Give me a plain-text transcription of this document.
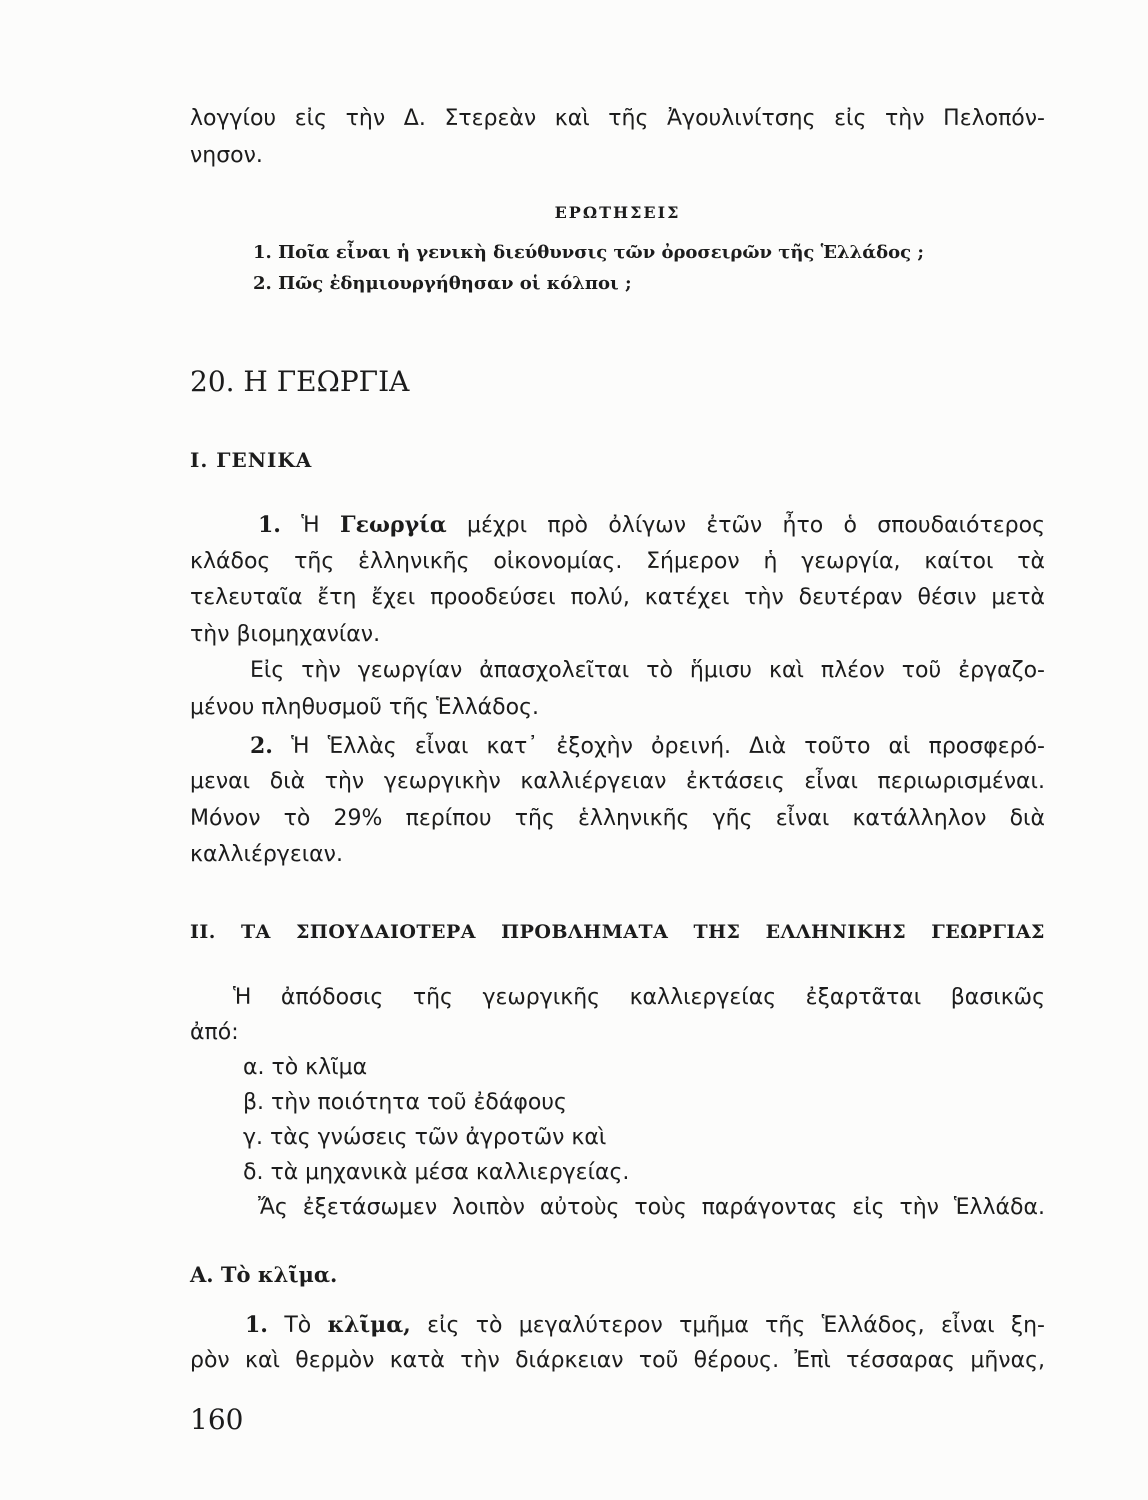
λογγίου εἰς τὴν Δ. Στερεὰν καὶ τῆς Ἀγουλινίτσης εἰς τὴν Πελοπόν-
νησον.
ΕΡΩΤΗΣΕΙΣ
1. Ποῖα εἶναι ἡ γενικὴ διεύθυνσις τῶν ὀροσειρῶν τῆς Ἑλλάδος ;
2. Πῶς ἐδημιουργήθησαν οἱ κόλποι ;
20. Η ΓΕΩΡΓΙΑ
I. ΓΕΝΙΚΑ
1. Ἡ Γεωργία μέχρι πρὸ ὀλίγων ἐτῶν ἦτο ὁ σπουδαιότερος
κλάδος τῆς ἑλληνικῆς οἰκονομίας. Σήμερον ἡ γεωργία, καίτοι τὰ
τελευταῖα ἔτη ἔχει προοδεύσει πολύ, κατέχει τὴν δευτέραν θέσιν μετὰ
τὴν βιομηχανίαν.
Εἰς τὴν γεωργίαν ἀπασχολεῖται τὸ ἥμισυ καὶ πλέον τοῦ ἐργαζο-
μένου πληθυσμοῦ τῆς Ἑλλάδος.
2. Ἡ Ἑλλὰς εἶναι κατ᾿ ἐξοχὴν ὀρεινή. Διὰ τοῦτο αἱ προσφερό-
μεναι διὰ τὴν γεωργικὴν καλλιέργειαν ἐκτάσεις εἶναι περιωρισμέναι.
Μόνον τὸ 29% περίπου τῆς ἑλληνικῆς γῆς εἶναι κατάλληλον διὰ
καλλιέργειαν.
II. ΤΑ ΣΠΟΥΔΑΙΟΤΕΡΑ ΠΡΟΒΛΗΜΑΤΑ ΤΗΣ ΕΛΛΗΝΙΚΗΣ ΓΕΩΡΓΙΑΣ
Ἡ ἀπόδοσις τῆς γεωργικῆς καλλιεργείας ἐξαρτᾶται βασικῶς
ἀπό:
α. τὸ κλῖμα
β. τὴν ποιότητα τοῦ ἐδάφους
γ. τὰς γνώσεις τῶν ἀγροτῶν καὶ
δ. τὰ μηχανικὰ μέσα καλλιεργείας.
Ἄς ἐξετάσωμεν λοιπὸν αὐτοὺς τοὺς παράγοντας εἰς τὴν Ἑλλάδα.
Α. Τὸ κλῖμα.
1. Τὸ κλῖμα, εἰς τὸ μεγαλύτερον τμῆμα τῆς Ἑλλάδος, εἶναι ξη-
ρὸν καὶ θερμὸν κατὰ τὴν διάρκειαν τοῦ θέρους. Ἐπὶ τέσσαρας μῆνας,
160
